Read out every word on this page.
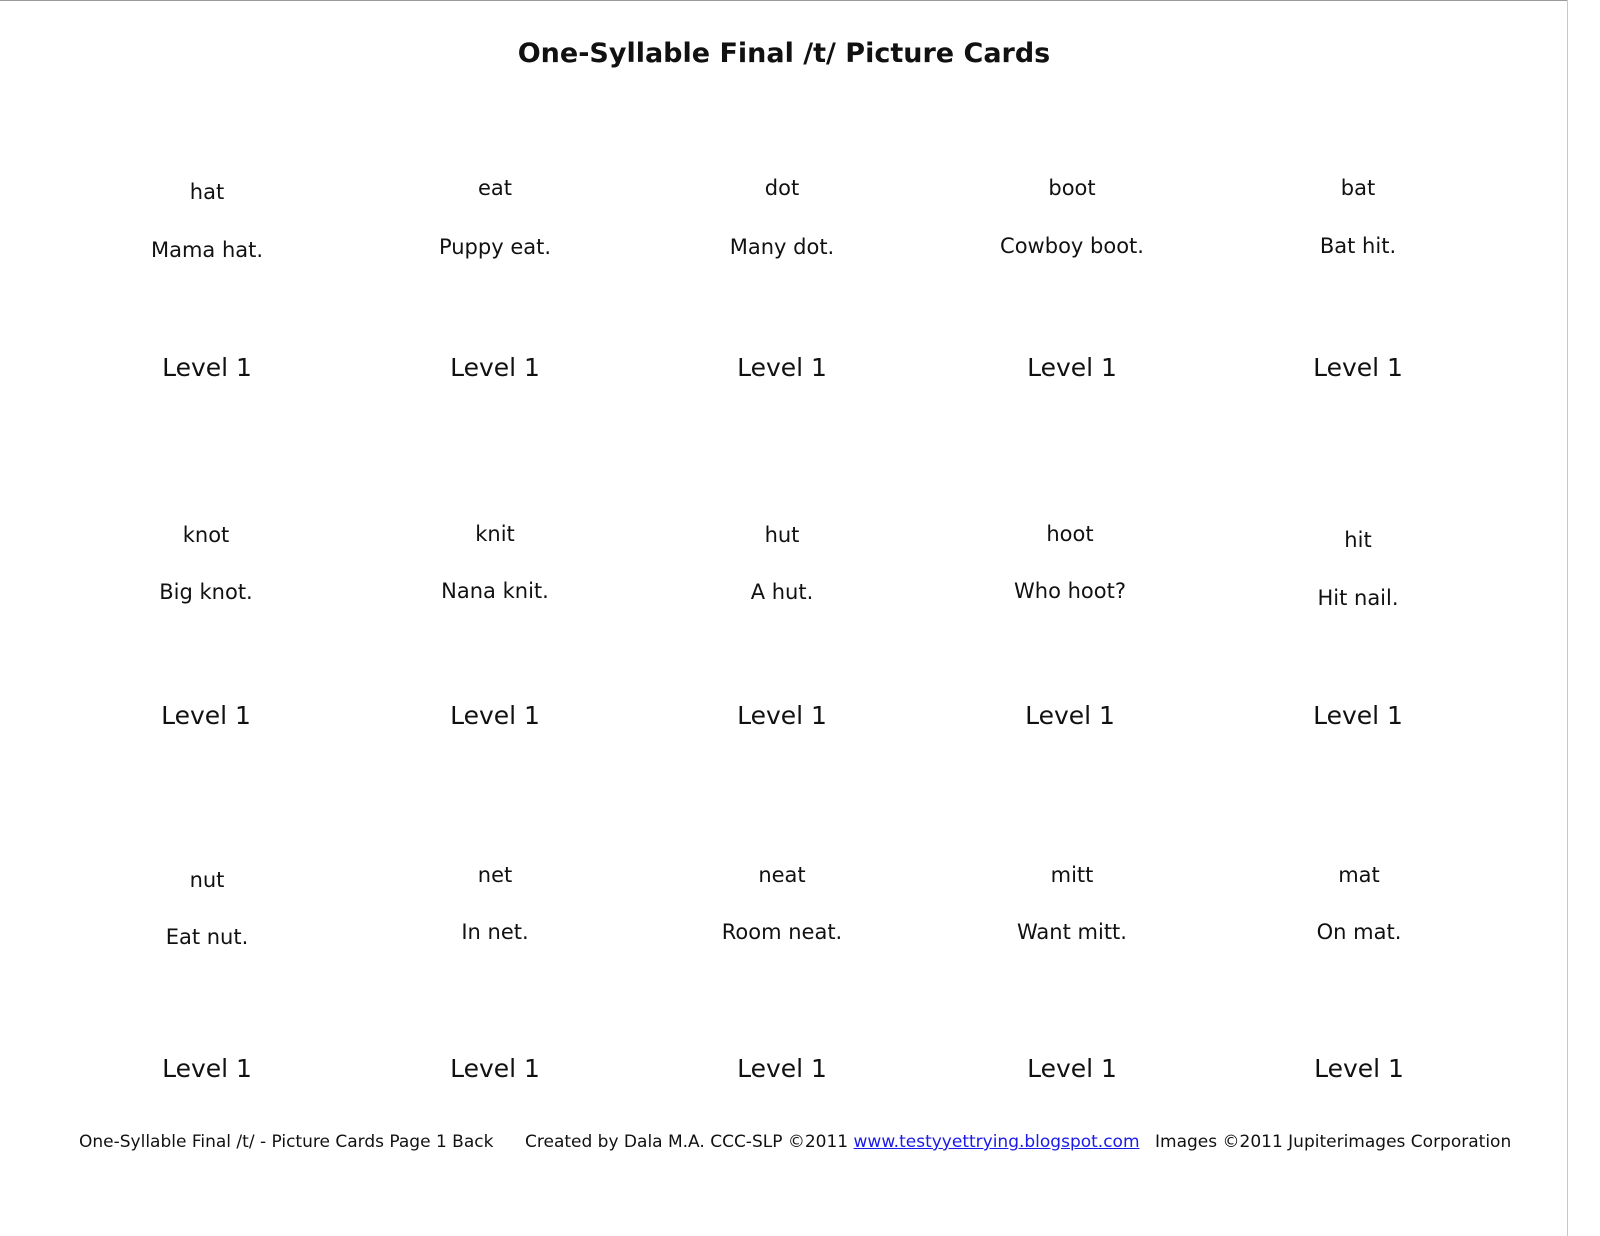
One-Syllable Final /t/ Picture Cards
hat
Mama hat.
Level 1
eat
Puppy eat.
Level 1
dot
Many dot.
Level 1
boot
Cowboy boot.
Level 1
bat
Bat hit.
Level 1
knot
Big knot.
Level 1
knit
Nana knit.
Level 1
hut
A hut.
Level 1
hoot
Who hoot?
Level 1
hit
Hit nail.
Level 1
nut
Eat nut.
Level 1
net
In net.
Level 1
neat
Room neat.
Level 1
mitt
Want mitt.
Level 1
mat
On mat.
Level 1
One-Syllable Final /t/ - Picture Cards Page 1 Back Created by Dala M.A. CCC-SLP ©2011 www.testyyettrying.blogspot.com Images ©2011 Jupiterimages Corporation
